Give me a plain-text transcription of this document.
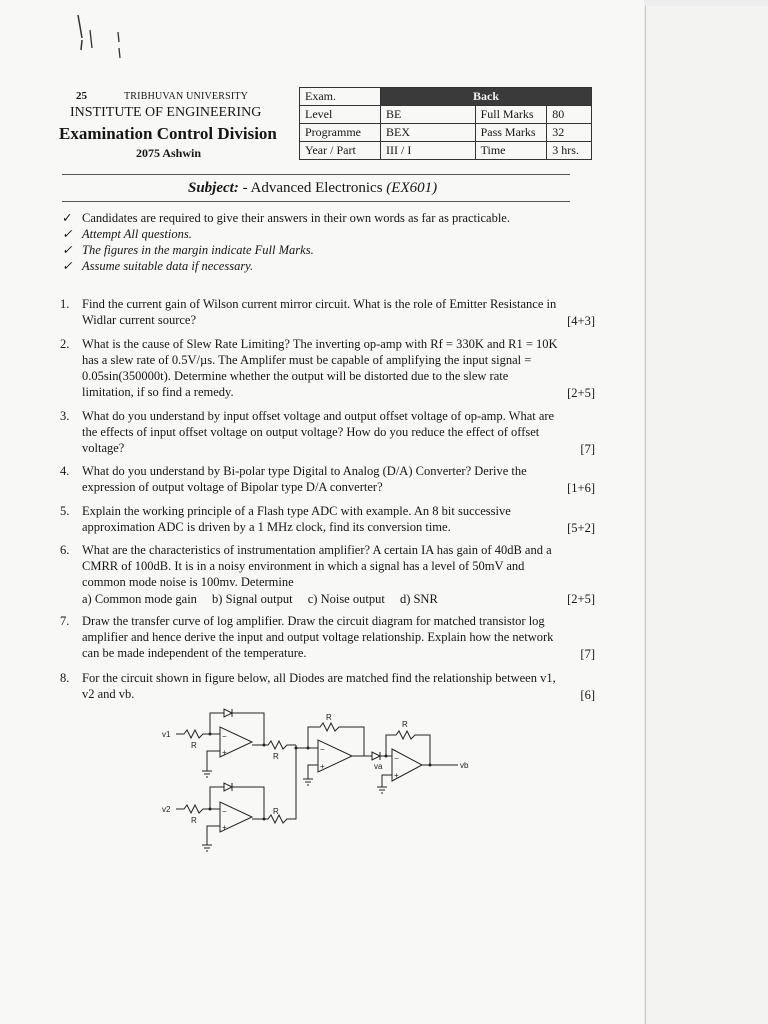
25	TRIBHUVAN UNIVERSITY
INSTITUTE OF ENGINEERING
Examination Control Division
2075 Ashwin
Exam.	Back		
Level	BE	Full Marks	80
Programme	BEX	Pass Marks	32
Year / Part	III / I	Time	3 hrs.
Subject: - Advanced Electronics (EX601)
✓ Candidates are required to give their answers in their own words as far as practicable.
✓ Attempt All questions.
✓ The figures in the margin indicate Full Marks.
✓ Assume suitable data if necessary.
1. Find the current gain of Wilson current mirror circuit. What is the role of Emitter Resistance in Widlar current source?	[4+3]
2. What is the cause of Slew Rate Limiting? The inverting op-amp with Rf = 330K and R1 = 10K has a slew rate of 0.5V/µs. The Amplifer must be capable of amplifying the input signal = 0.05sin(350000t). Determine whether the output will be distorted due to the slew rate limitation, if so find a remedy.	[2+5]
3. What do you understand by input offset voltage and output offset voltage of op-amp. What are the effects of input offset voltage on output voltage? How do you reduce the effect of offset voltage?	[7]
4. What do you understand by Bi-polar type Digital to Analog (D/A) Converter? Derive the expression of output voltage of Bipolar type D/A converter?	[1+6]
5. Explain the working principle of a Flash type ADC with example. An 8 bit successive approximation ADC is driven by a 1 MHz clock, find its conversion time.	[5+2]
6. What are the characteristics of instrumentation amplifier? A certain IA has gain of 40dB and a CMRR of 100dB. It is in a noisy environment in which a signal has a level of 50mV and common mode noise is 100mv. Determine
a) Common mode gain b) Signal output c) Noise output d) SNR	[2+5]
7. Draw the transfer curve of log amplifier. Draw the circuit diagram for matched transistor log amplifier and hence derive the input and output voltage relationship. Explain how the network can be made independent of the temperature.	[7]
8. For the circuit shown in figure below, all Diodes are matched find the relationship between v1, v2 and vb.	[6]
−
+
−
+
−
+
−
+
v1
v2
vb
va
R
R
R
R
R
R
